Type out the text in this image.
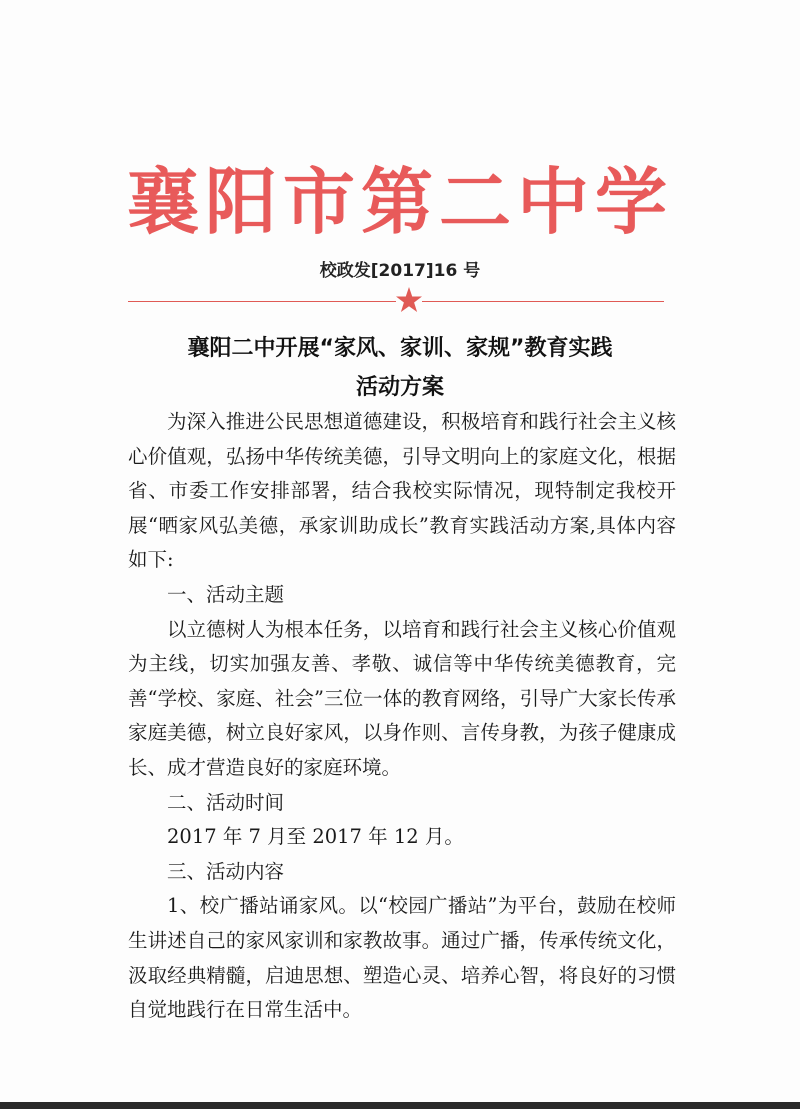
襄阳市第二中学
校政发[2017]16 号
襄阳二中开展“家风、家训、家规”教育实践
活动方案

为深入推进公民思想道德建设，积极培育和践行社会主义核心价值观，弘扬中华传统美德，引导文明向上的家庭文化，根据省、市委工作安排部署，结合我校实际情况，现特制定我校开展“晒家风弘美德，承家训助成长”教育实践活动方案,具体内容如下:

一、活动主题

以立德树人为根本任务，以培育和践行社会主义核心价值观为主线，切实加强友善、孝敬、诚信等中华传统美德教育，完善“学校、家庭、社会”三位一体的教育网络，引导广大家长传承家庭美德，树立良好家风，以身作则、言传身教，为孩子健康成长、成才营造良好的家庭环境。

二、活动时间

2017 年 7 月至 2017 年 12 月。

三、活动内容

1、校广播站诵家风。以“校园广播站”为平台，鼓励在校师生讲述自己的家风家训和家教故事。通过广播，传承传统文化，汲取经典精髓，启迪思想、塑造心灵、培养心智，将良好的习惯自觉地践行在日常生活中。
